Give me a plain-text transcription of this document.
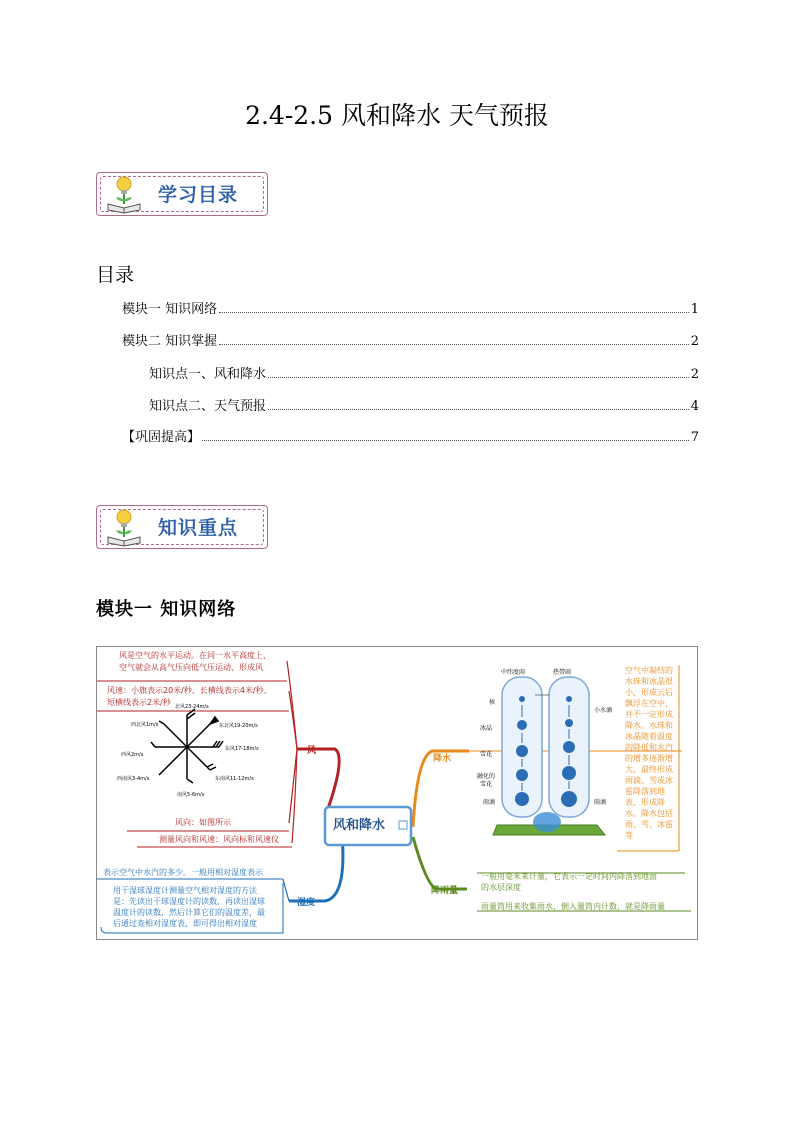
2.4-2.5 风和降水 天气预报
学习目录
目录
模块一 知识网络	1
模块二 知识掌握	2
知识点一、风和降水	2
知识点二、天气预报	4
【巩固提高】	7
知识重点
模块一 知识网络
风是空气的水平运动。在同一水平高度上，
空气就会从高气压向低气压运动，形成风
风速：小旗表示20米/秒、长横线表示4米/秒、
短横线表示2米/秒 北风23-24m/s
东北风19-20m/s
东风17-18m/s
东南风11-12m/s
南风5-6m/s
西南风3-4m/s
西风2m/s
西北风1m/s
风向：如图所示
测量风向和风速：风向标和风速仪
风
风和降水
表示空气中水汽的多少。一般用相对湿度表示
用干湿球湿度计测量空气相对湿度的方法
是：先读出干球湿度计的读数，再读出湿球
温度计的读数，然后计算它们的温度差，最
后通过查相对湿度表，即可得出相对湿度
湿度
降水
中纬度雨	热带雨
核
冰晶
雪花
融化的
雪花
雨滴
小水滴
雨滴
空气中凝结的
水珠和冰晶很
小，形成云后
飘浮在空中，
并不一定形成
降水。水珠和
冰晶随着温度
的降低和水汽
的增多逐渐增
大，最终形成
雨滴、雪或冰
雹降落到地
表，形成降
水。降水包括
雨、雪、冰雹
等
一般用毫米来计量，它表示一定时间内降落到地面
的水层深度
雨量筒用来收集雨水，倒入量筒内计数，就是降雨量
降雨量
